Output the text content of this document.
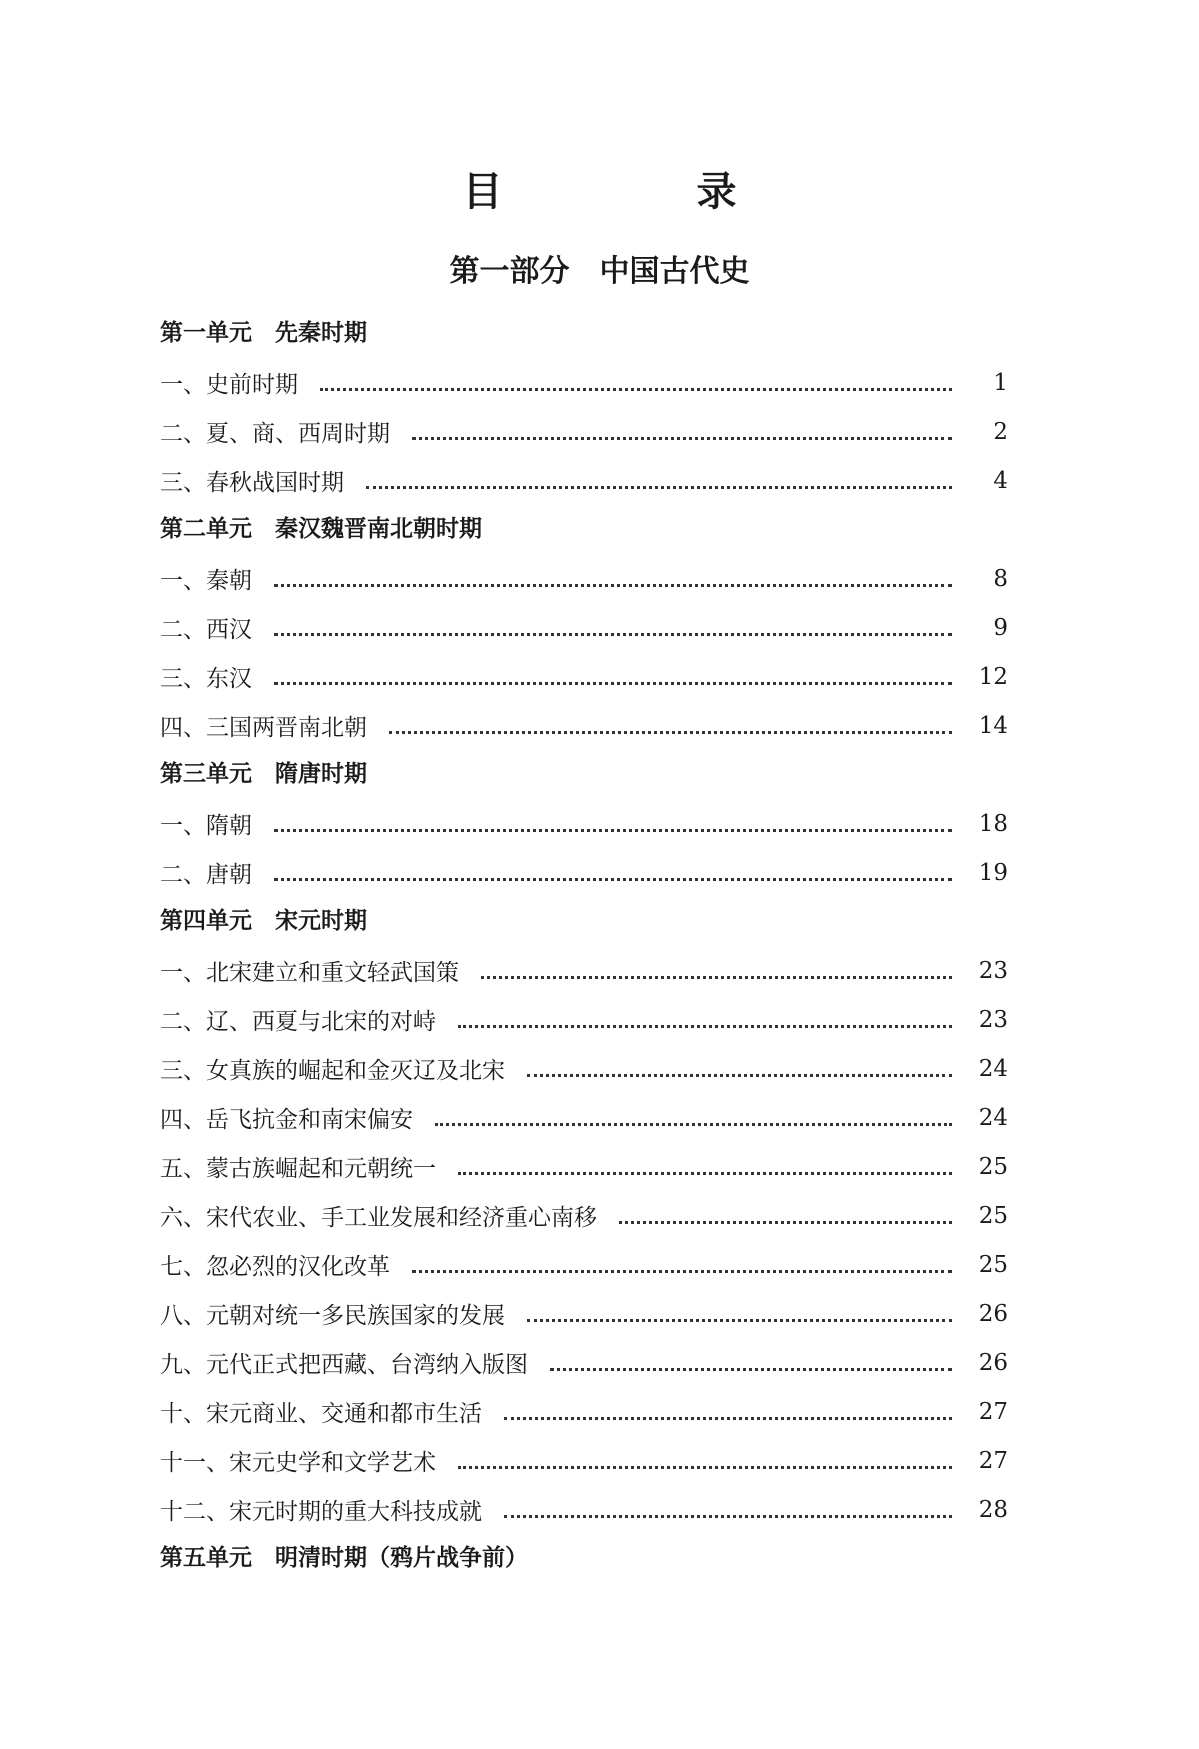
目 录
第一部分　中国古代史
第一单元　先秦时期
一、史前时期	1
二、夏、商、西周时期	2
三、春秋战国时期	4
第二单元　秦汉魏晋南北朝时期
一、秦朝	8
二、西汉	9
三、东汉	12
四、三国两晋南北朝	14
第三单元　隋唐时期
一、隋朝	18
二、唐朝	19
第四单元　宋元时期
一、北宋建立和重文轻武国策	23
二、辽、西夏与北宋的对峙	23
三、女真族的崛起和金灭辽及北宋	24
四、岳飞抗金和南宋偏安	24
五、蒙古族崛起和元朝统一	25
六、宋代农业、手工业发展和经济重心南移	25
七、忽必烈的汉化改革	25
八、元朝对统一多民族国家的发展	26
九、元代正式把西藏、台湾纳入版图	26
十、宋元商业、交通和都市生活	27
十一、宋元史学和文学艺术	27
十二、宋元时期的重大科技成就	28
第五单元　明清时期（鸦片战争前）
